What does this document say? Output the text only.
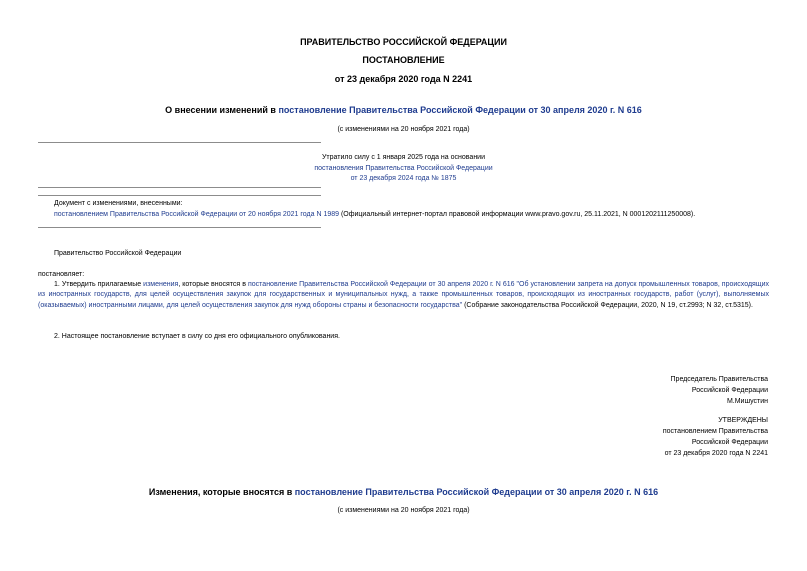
ПРАВИТЕЛЬСТВО РОССИЙСКОЙ ФЕДЕРАЦИИ
ПОСТАНОВЛЕНИЕ
от 23 декабря 2020 года N 2241
О внесении изменений в постановление Правительства Российской Федерации от 30 апреля 2020 г. N 616
(с изменениями на 20 ноября 2021 года)
Утратило силу с 1 января 2025 года на основании
постановления Правительства Российской Федерации
от 23 декабря 2024 года № 1875
Документ с изменениями, внесенными:
постановлением Правительства Российской Федерации от 20 ноября 2021 года N 1989 (Официальный интернет-портал правовой информации www.pravo.gov.ru, 25.11.2021, N 0001202111250008).
Правительство Российской Федерации
постановляет:
1. Утвердить прилагаемые изменения, которые вносятся в постановление Правительства Российской Федерации от 30 апреля 2020 г. N 616 "Об установлении запрета на допуск промышленных товаров, происходящих из иностранных государств, для целей осуществления закупок для государственных и муниципальных нужд, а также промышленных товаров, происходящих из иностранных государств, работ (услуг), выполняемых (оказываемых) иностранными лицами, для целей осуществления закупок для нужд обороны страны и безопасности государства" (Собрание законодательства Российской Федерации, 2020, N 19, ст.2993; N 32, ст.5315).
2. Настоящее постановление вступает в силу со дня его официального опубликования.
Председатель Правительства
Российской Федерации
М.Мишустин
УТВЕРЖДЕНЫ
постановлением Правительства
Российской Федерации
от 23 декабря 2020 года N 2241
Изменения, которые вносятся в постановление Правительства Российской Федерации от 30 апреля 2020 г. N 616
(с изменениями на 20 ноября 2021 года)
